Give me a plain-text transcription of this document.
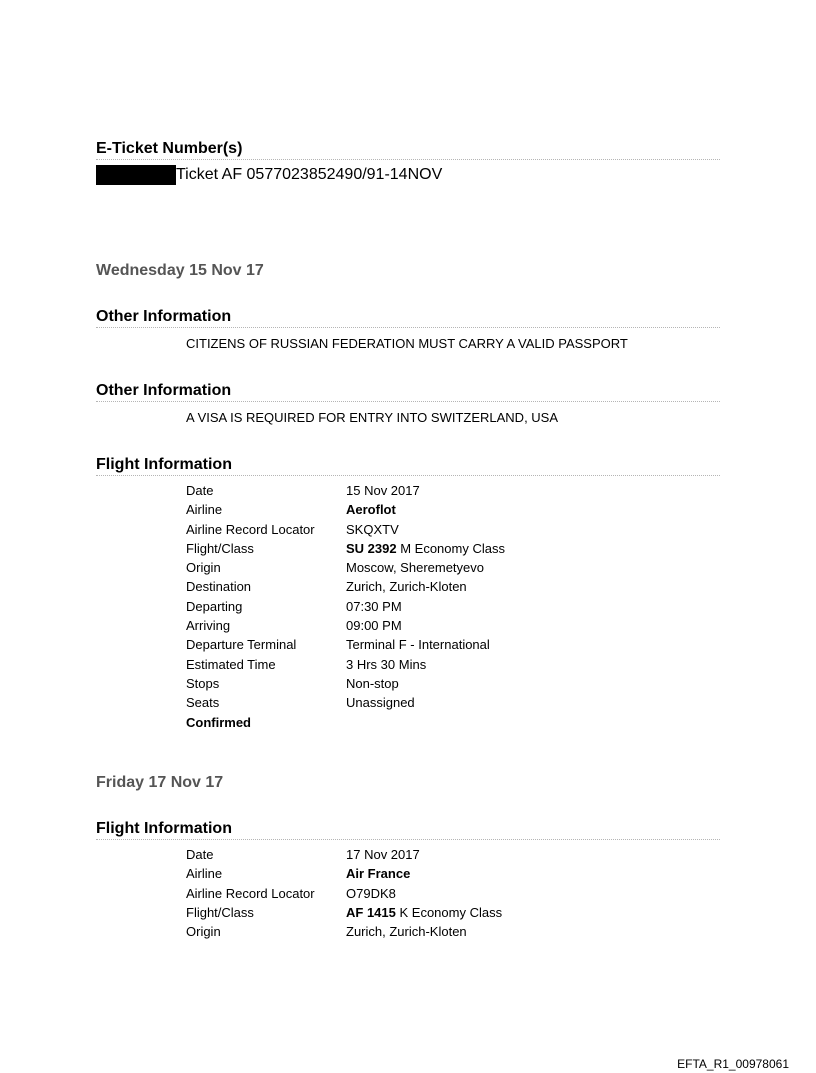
E-Ticket Number(s)
Ticket AF 0577023852490/91-14NOV
Wednesday 15 Nov 17
Other Information
CITIZENS OF RUSSIAN FEDERATION MUST CARRY A VALID PASSPORT
Other Information
A VISA IS REQUIRED FOR ENTRY INTO SWITZERLAND, USA
Flight Information
Date	15 Nov 2017
Airline	Aeroflot
Airline Record Locator	SKQXTV
Flight/Class	SU 2392 M Economy Class
Origin	Moscow, Sheremetyevo
Destination	Zurich, Zurich-Kloten
Departing	07:30 PM
Arriving	09:00 PM
Departure Terminal	Terminal F - International
Estimated Time	3 Hrs 30 Mins
Stops	Non-stop
Seats	Unassigned
Confirmed
Friday 17 Nov 17
Flight Information
Date	17 Nov 2017
Airline	Air France
Airline Record Locator	O79DK8
Flight/Class	AF 1415 K Economy Class
Origin	Zurich, Zurich-Kloten
EFTA_R1_00978061
